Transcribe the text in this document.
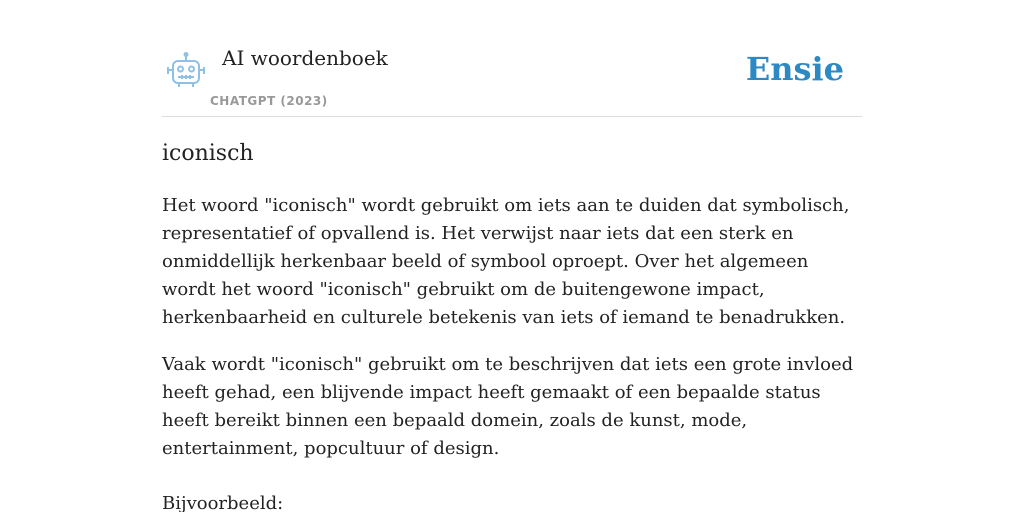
AI woordenboek
CHATGPT (2023)
Ensie
iconisch

Het woord "iconisch" wordt gebruikt om iets aan te duiden dat symbolisch, representatief of opvallend is. Het verwijst naar iets dat een sterk en onmiddellijk herkenbaar beeld of symbool oproept. Over het algemeen wordt het woord "iconisch" gebruikt om de buitengewone impact, herkenbaarheid en culturele betekenis van iets of iemand te benadrukken.

Vaak wordt "iconisch" gebruikt om te beschrijven dat iets een grote invloed heeft gehad, een blijvende impact heeft gemaakt of een bepaalde status heeft bereikt binnen een bepaald domein, zoals de kunst, mode, entertainment, popcultuur of design.

Bijvoorbeeld:
